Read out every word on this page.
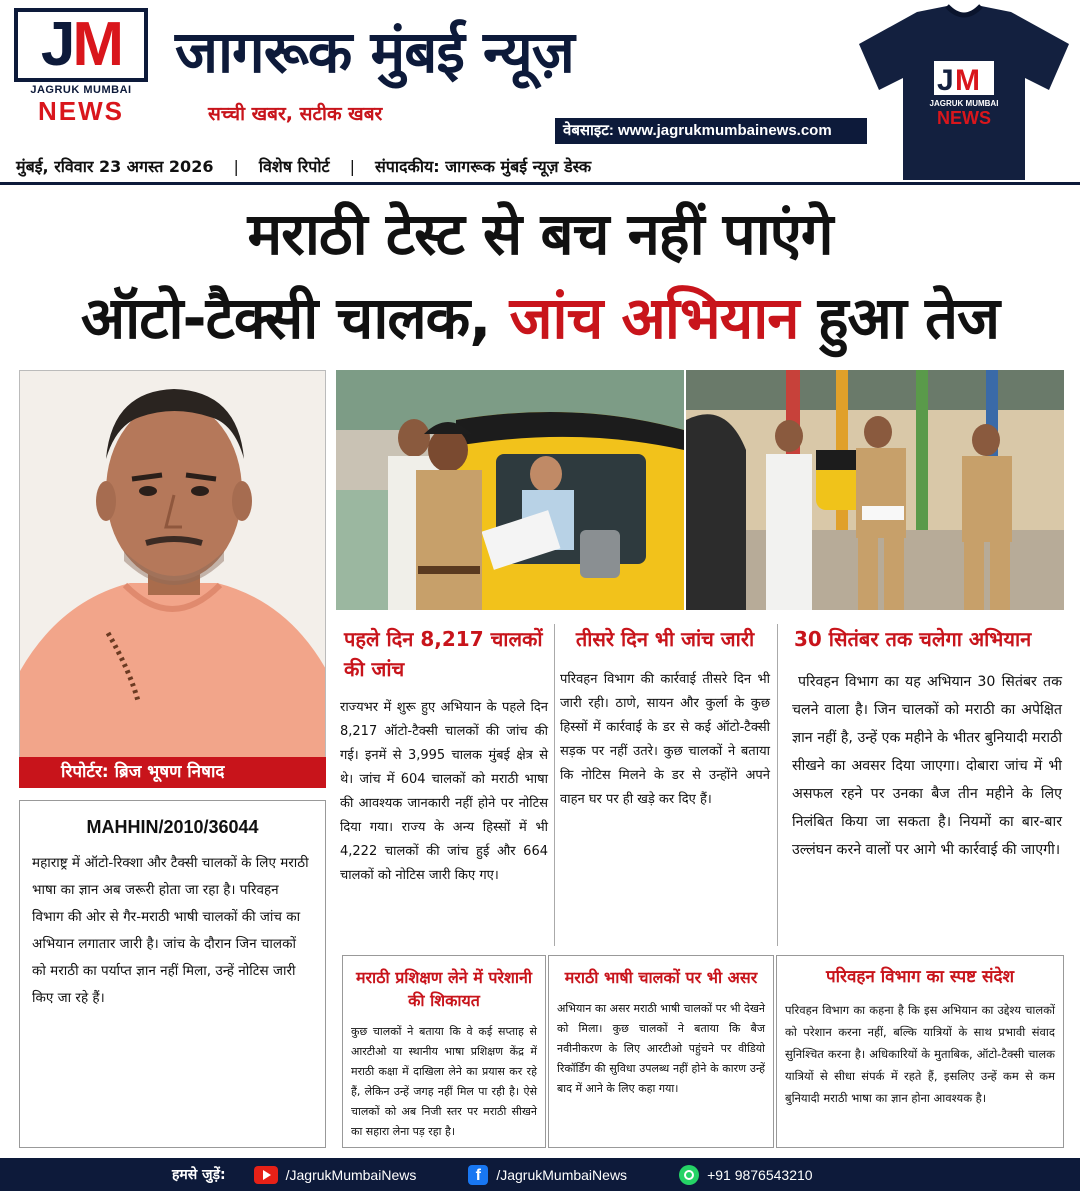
J M
JAGRUK MUMBAI
NEWS
जागरूक मुंबई न्यूज़
सच्ची खबर, सटीक खबर
वेबसाइट: www.jagrukmumbainews.com
J M
JAGRUK MUMBAI
NEWS
मुंबई, रविवार 23 अगस्त 2026 | विशेष रिपोर्ट | संपादकीय: जागरूक मुंबई न्यूज़ डेस्क
मराठी टेस्ट से बच नहीं पाएंगे
ऑटो-टैक्सी चालक, जांच अभियान हुआ तेज
रिपोर्टर: ब्रिज भूषण निषाद
MAHHIN/2010/36044

महाराष्ट्र में ऑटो-रिक्शा और टैक्सी चालकों के लिए मराठी भाषा का ज्ञान अब जरूरी होता जा रहा है। परिवहन विभाग की ओर से गैर-मराठी भाषी चालकों की जांच का अभियान लगातार जारी है। जांच के दौरान जिन चालकों को मराठी का पर्याप्त ज्ञान नहीं मिला, उन्हें नोटिस जारी किए जा रहे हैं।

पहले दिन 8,217 चालकों की जांच

राज्यभर में शुरू हुए अभियान के पहले दिन 8,217 ऑटो-टैक्सी चालकों की जांच की गई। इनमें से 3,995 चालक मुंबई क्षेत्र से थे। जांच में 604 चालकों को मराठी भाषा की आवश्यक जानकारी नहीं होने पर नोटिस दिया गया। राज्य के अन्य हिस्सों में भी 4,222 चालकों की जांच हुई और 664 चालकों को नोटिस जारी किए गए।

तीसरे दिन भी जांच जारी

परिवहन विभाग की कार्रवाई तीसरे दिन भी जारी रही। ठाणे, सायन और कुर्ला के कुछ हिस्सों में कार्रवाई के डर से कई ऑटो-टैक्सी सड़क पर नहीं उतरे। कुछ चालकों ने बताया कि नोटिस मिलने के डर से उन्होंने अपने वाहन घर पर ही खड़े कर दिए हैं।

30 सितंबर तक चलेगा अभियान

परिवहन विभाग का यह अभियान 30 सितंबर तक चलने वाला है। जिन चालकों को मराठी का अपेक्षित ज्ञान नहीं है, उन्हें एक महीने के भीतर बुनियादी मराठी सीखने का अवसर दिया जाएगा। दोबारा जांच में भी असफल रहने पर उनका बैज तीन महीने के लिए निलंबित किया जा सकता है। नियमों का बार-बार उल्लंघन करने वालों पर आगे भी कार्रवाई की जाएगी।

मराठी प्रशिक्षण लेने में परेशानी की शिकायत

कुछ चालकों ने बताया कि वे कई सप्ताह से आरटीओ या स्थानीय भाषा प्रशिक्षण केंद्र में मराठी कक्षा में दाखिला लेने का प्रयास कर रहे हैं, लेकिन उन्हें जगह नहीं मिल पा रही है। ऐसे चालकों को अब निजी स्तर पर मराठी सीखने का सहारा लेना पड़ रहा है।

मराठी भाषी चालकों पर भी असर

अभियान का असर मराठी भाषी चालकों पर भी देखने को मिला। कुछ चालकों ने बताया कि बैज नवीनीकरण के लिए आरटीओ पहुंचने पर वीडियो रिकॉर्डिंग की सुविधा उपलब्ध नहीं होने के कारण उन्हें बाद में आने के लिए कहा गया।

परिवहन विभाग का स्पष्ट संदेश

परिवहन विभाग का कहना है कि इस अभियान का उद्देश्य चालकों को परेशान करना नहीं, बल्कि यात्रियों के साथ प्रभावी संवाद सुनिश्चित करना है। अधिकारियों के मुताबिक, ऑटो-टैक्सी चालक यात्रियों से सीधा संपर्क में रहते हैं, इसलिए उन्हें कम से कम बुनियादी मराठी भाषा का ज्ञान होना आवश्यक है।

हमसे जुड़ें:	/JagrukMumbaiNews	f	/JagrukMumbaiNews	+91 9876543210
